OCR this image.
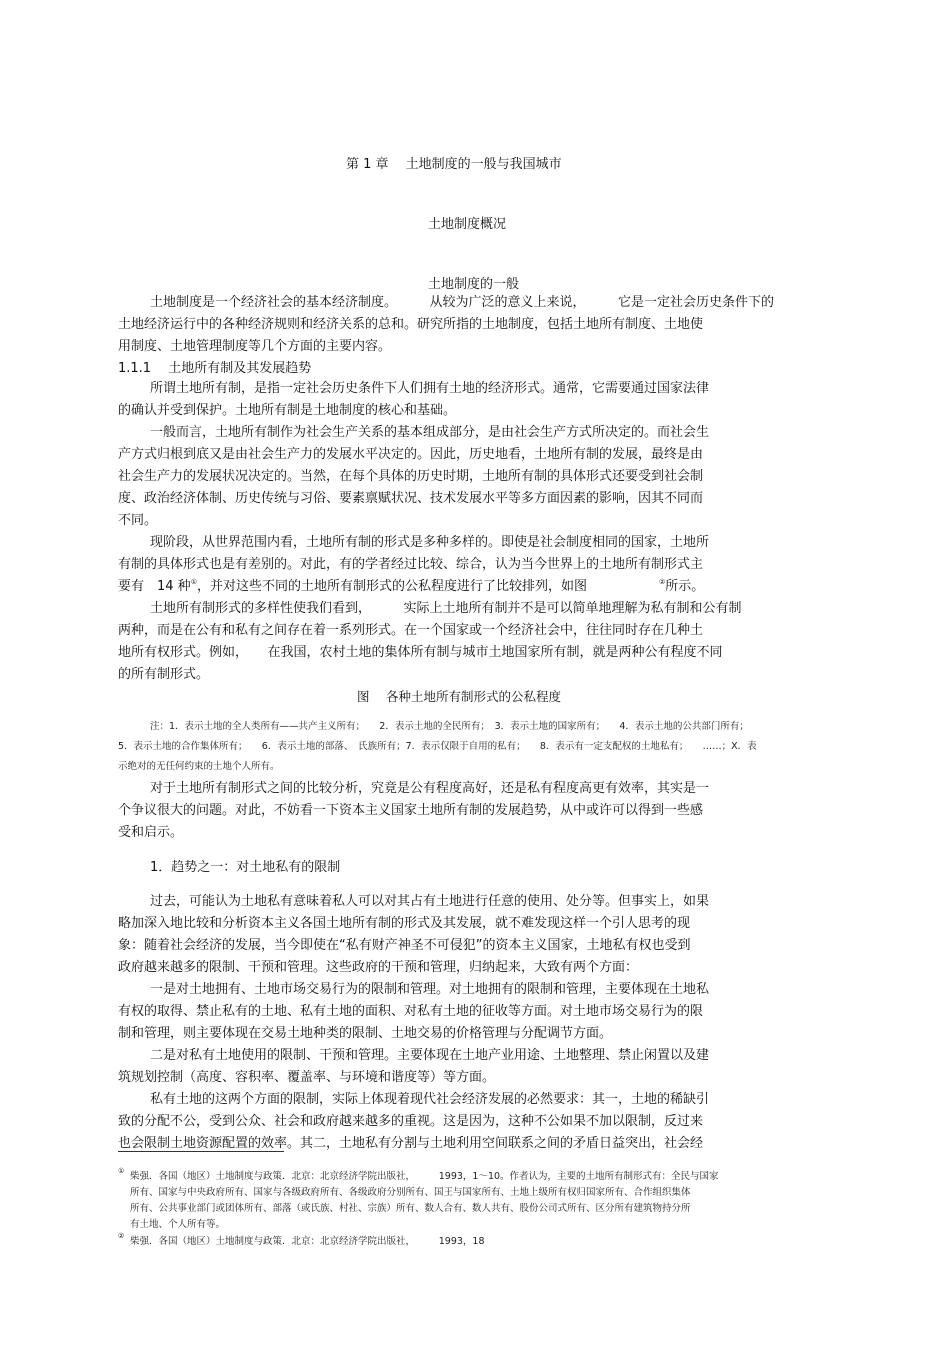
第 1 章　 土地制度的一般与我国城市
土地制度概况
土地制度的一般
土地制度是一个经济社会的基本经济制度。　　　从较为广泛的意义上来说，　　　它是一定社会历史条件下的
土地经济运行中的各种经济规则和经济关系的总和。研究所指的土地制度，包括土地所有制度、土地使
用制度、土地管理制度等几个方面的主要内容。
1.1.1　 土地所有制及其发展趋势
所谓土地所有制，是指一定社会历史条件下人们拥有土地的经济形式。通常，它需要通过国家法律
的确认并受到保护。土地所有制是土地制度的核心和基础。
一般而言，土地所有制作为社会生产关系的基本组成部分，是由社会生产方式所决定的。而社会生
产方式归根到底又是由社会生产力的发展水平决定的。因此，历史地看，土地所有制的发展，最终是由
社会生产力的发展状况决定的。当然，在每个具体的历史时期，土地所有制的具体形式还要受到社会制
度、政治经济体制、历史传统与习俗、要素禀赋状况、技术发展水平等多方面因素的影响，因其不同而
不同。
现阶段，从世界范围内看，土地所有制的形式是多种多样的。即使是社会制度相同的国家，土地所
有制的具体形式也是有差别的。对此，有的学者经过比较、综合，认为当今世界上的土地所有制形式主
要有　14 种①，并对这些不同的土地所有制形式的公私程度进行了比较排列，如图	②所示。
土地所有制形式的多样性使我们看到，　　　实际上土地所有制并不是可以简单地理解为私有制和公有制
两种，而是在公有和私有之间存在着一系列形式。在一个国家或一个经济社会中，往往同时存在几种土
地所有权形式。例如，　　在我国，农村土地的集体所有制与城市土地国家所有制，就是两种公有程度不同
的所有制形式。
图　 各种土地所有制形式的公私程度
注：1．表示土地的全人类所有——共产主义所有；　　2．表示土地的全民所有；　3．表示土地的国家所有；　　4．表示土地的公共部门所有；
5．表示土地的合作集体所有；　　6．表示土地的部落、　氏族所有；7．表示仅限于自用的私有；　　8．表示有一定支配权的土地私有；　　……；X．表
示绝对的无任何约束的土地个人所有。
对于土地所有制形式之间的比较分析，究竟是公有程度高好，还是私有程度高更有效率，其实是一
个争议很大的问题。对此，不妨看一下资本主义国家土地所有制的发展趋势，从中或许可以得到一些感
受和启示。
1．趋势之一：对土地私有的限制
过去，可能认为土地私有意味着私人可以对其占有土地进行任意的使用、处分等。但事实上，如果
略加深入地比较和分析资本主义各国土地所有制的形式及其发展，就不难发现这样一个引人思考的现
象：随着社会经济的发展，当今即使在“私有财产神圣不可侵犯”的资本主义国家，土地私有权也受到
政府越来越多的限制、干预和管理。这些政府的干预和管理，归纳起来，大致有两个方面：
一是对土地拥有、土地市场交易行为的限制和管理。对土地拥有的限制和管理，主要体现在土地私
有权的取得、禁止私有的土地、私有土地的面积、对私有土地的征收等方面。对土地市场交易行为的限
制和管理，则主要体现在交易土地种类的限制、土地交易的价格管理与分配调节方面。
二是对私有土地使用的限制、干预和管理。主要体现在土地产业用途、土地整理、禁止闲置以及建
筑规划控制（高度、容积率、覆盖率、与环境和谐度等）等方面。
私有土地的这两个方面的限制，实际上体现着现代社会经济发展的必然要求：其一，土地的稀缺引
致的分配不公，受到公众、社会和政府越来越多的重视。这是因为，这种不公如果不加以限制，反过来
也会限制土地资源配置的效率。其二，土地私有分割与土地利用空间联系之间的矛盾日益突出，社会经
① 柴强．各国（地区）土地制度与政策．北京：北京经济学院出版社，　　　1993，1～10。作者认为，主要的土地所有制形式有：全民与国家
所有、国家与中央政府所有、国家与各级政府所有、各级政府分别所有、国王与国家所有、土地上级所有权归国家所有、合作组织集体
所有、公共事业部门或团体所有、部落（或氏族、村社、宗族）所有、数人合有、数人共有、股份公司式所有、区分所有建筑物持分所
有土地、个人所有等。
② 柴强．各国（地区）土地制度与政策．北京：北京经济学院出版社，　　　1993，18
